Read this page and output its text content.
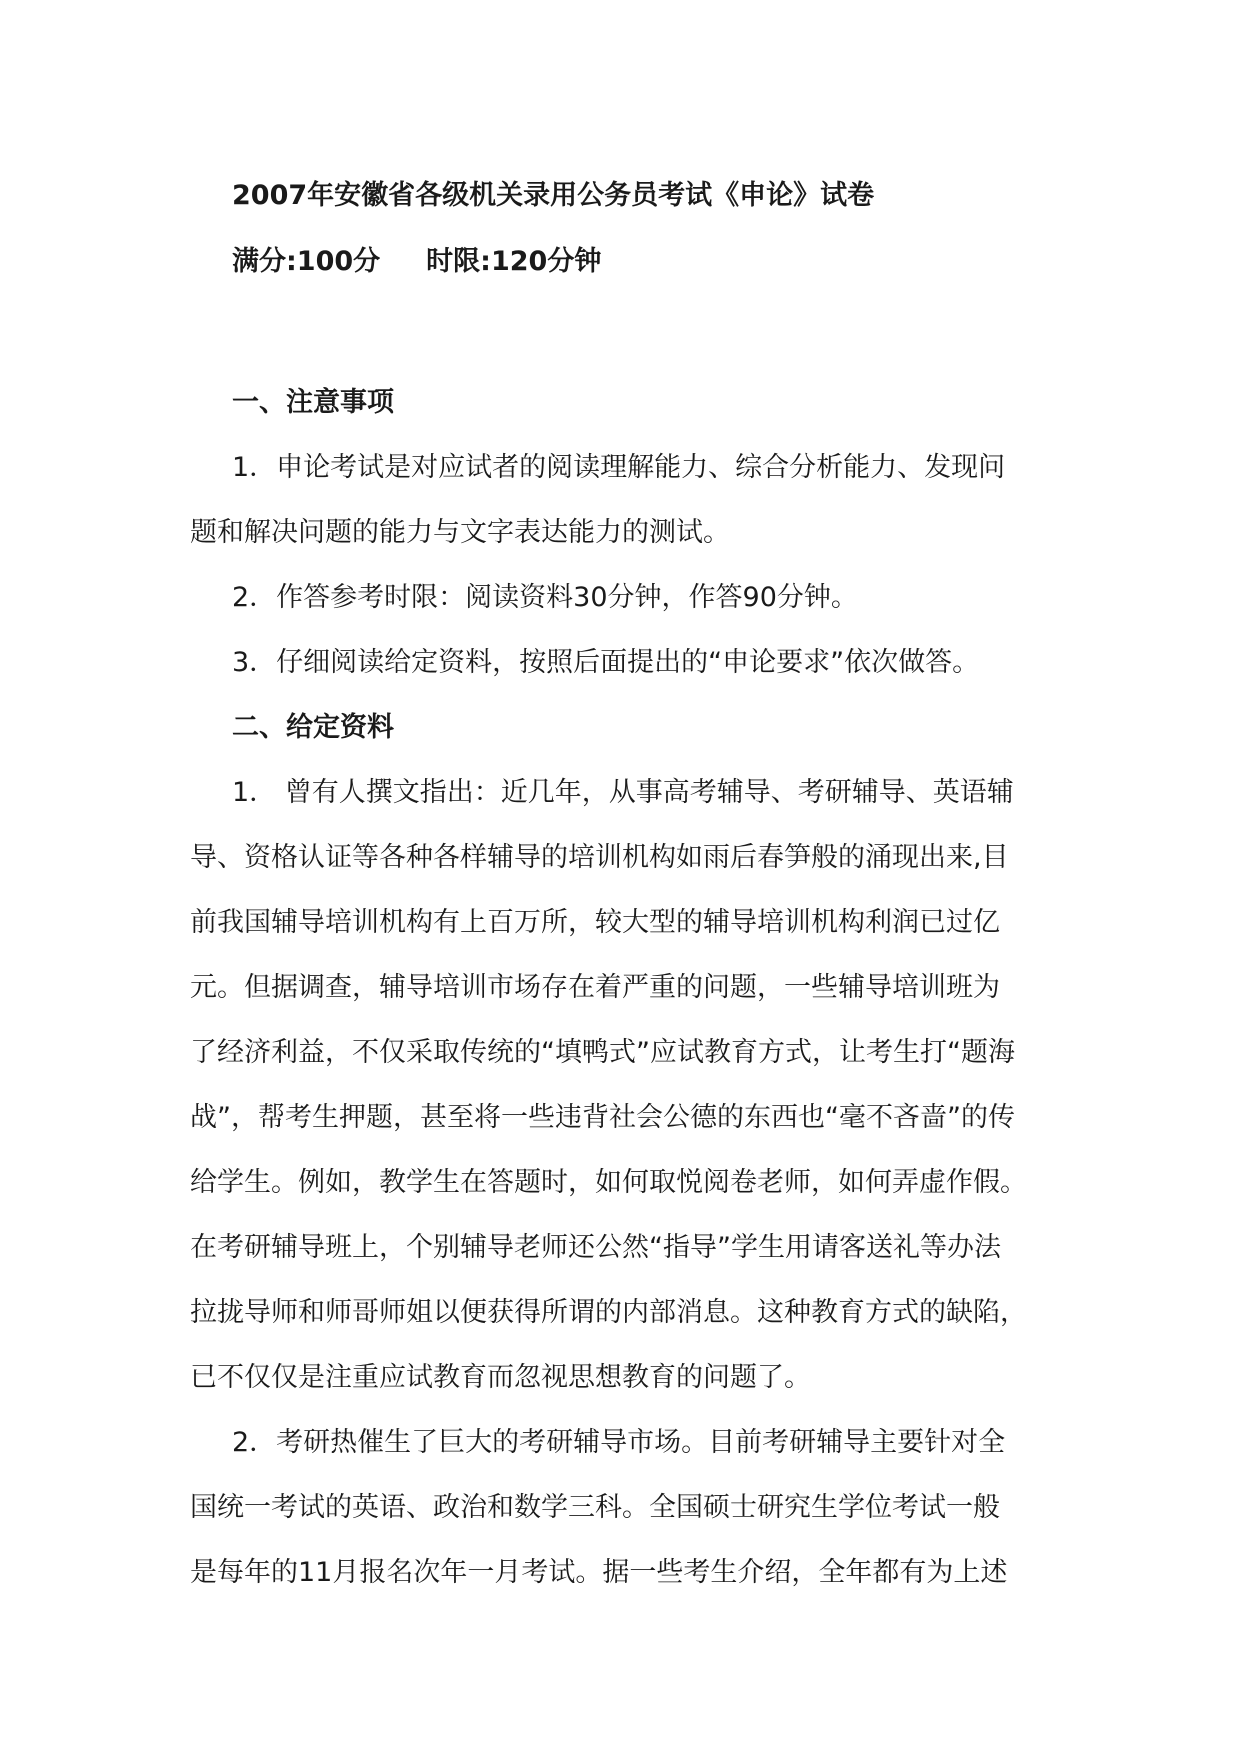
2007年安徽省各级机关录用公务员考试《申论》试卷
满分:100分 时限:120分钟
一、注意事项
1．申论考试是对应试者的阅读理解能力、综合分析能力、发现问
题和解决问题的能力与文字表达能力的测试。
2．作答参考时限：阅读资料30分钟，作答90分钟。
3．仔细阅读给定资料，按照后面提出的“申论要求”依次做答。
二、给定资料
1． 曾有人撰文指出：近几年，从事高考辅导、考研辅导、英语辅
导、资格认证等各种各样辅导的培训机构如雨后春笋般的涌现出来,目
前我国辅导培训机构有上百万所，较大型的辅导培训机构利润已过亿
元。但据调查，辅导培训市场存在着严重的问题，一些辅导培训班为
了经济利益，不仅采取传统的“填鸭式”应试教育方式，让考生打“题海
战”，帮考生押题，甚至将一些违背社会公德的东西也“毫不吝啬”的传
给学生。例如，教学生在答题时，如何取悦阅卷老师，如何弄虚作假。
在考研辅导班上，个别辅导老师还公然“指导”学生用请客送礼等办法
拉拢导师和师哥师姐以便获得所谓的内部消息。这种教育方式的缺陷，
已不仅仅是注重应试教育而忽视思想教育的问题了。
2．考研热催生了巨大的考研辅导市场。目前考研辅导主要针对全
国统一考试的英语、政治和数学三科。全国硕士研究生学位考试一般
是每年的11月报名次年一月考试。据一些考生介绍，全年都有为上述
